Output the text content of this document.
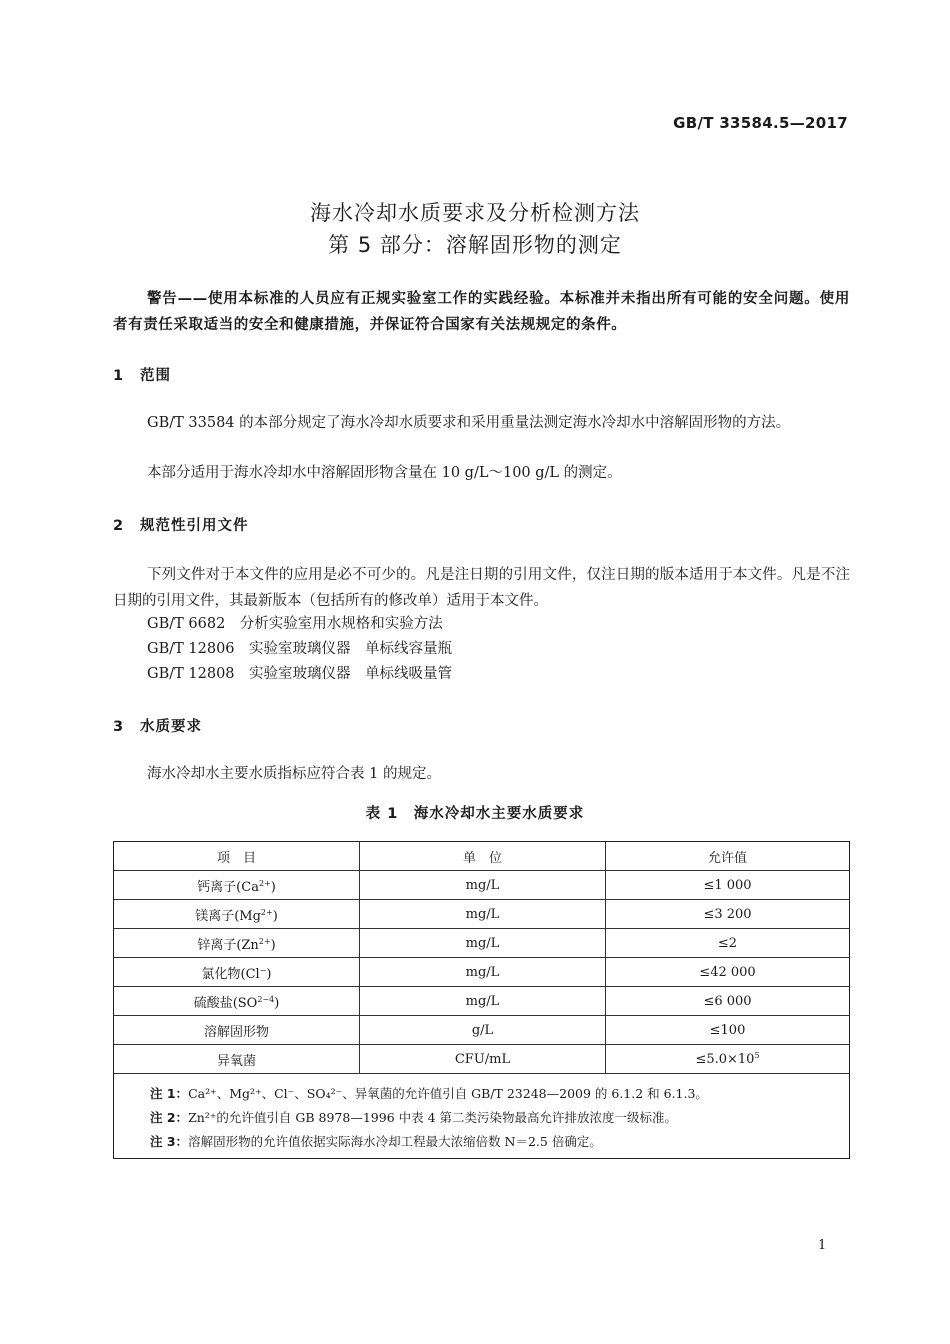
GB/T 33584.5—2017
海水冷却水质要求及分析检测方法
第 5 部分：溶解固形物的测定
警告——使用本标准的人员应有正规实验室工作的实践经验。本标准并未指出所有可能的安全问题。使用者有责任采取适当的安全和健康措施，并保证符合国家有关法规规定的条件。
1 范围
GB/T 33584 的本部分规定了海水冷却水质要求和采用重量法测定海水冷却水中溶解固形物的方法。
本部分适用于海水冷却水中溶解固形物含量在 10 g/L～100 g/L 的测定。
2 规范性引用文件
下列文件对于本文件的应用是必不可少的。凡是注日期的引用文件，仅注日期的版本适用于本文件。凡是不注日期的引用文件，其最新版本（包括所有的修改单）适用于本文件。
GB/T 6682　分析实验室用水规格和实验方法
GB/T 12806　实验室玻璃仪器　单标线容量瓶
GB/T 12808　实验室玻璃仪器　单标线吸量管
3 水质要求
海水冷却水主要水质指标应符合表 1 的规定。
表 1　海水冷却水主要水质要求
项　目	单　位	允许值
钙离子$(Ca^{2+})$	mg/L	≤1 000
镁离子$(Mg^{2+})$	mg/L	≤3 200
锌离子$(Zn^{2+})$	mg/L	≤2
氯化物(Cl−)	mg/L	≤42 000
硫酸盐$(SO^{2-4})$	mg/L	≤6 000
溶解固形物	g/L	≤100
异氧菌	CFU/mL	$\le 5.0\times 10^5$
注 1：Ca²⁺、Mg²⁺、Cl⁻、SO₄²⁻、异氧菌的允许值引自 GB/T 23248—2009 的 6.1.2 和 6.1.3。
注 2：Zn²⁺的允许值引自 GB 8978—1996 中表 4 第二类污染物最高允许排放浓度一级标准。
注 3：溶解固形物的允许值依据实际海水冷却工程最大浓缩倍数 N＝2.5 倍确定。
1
